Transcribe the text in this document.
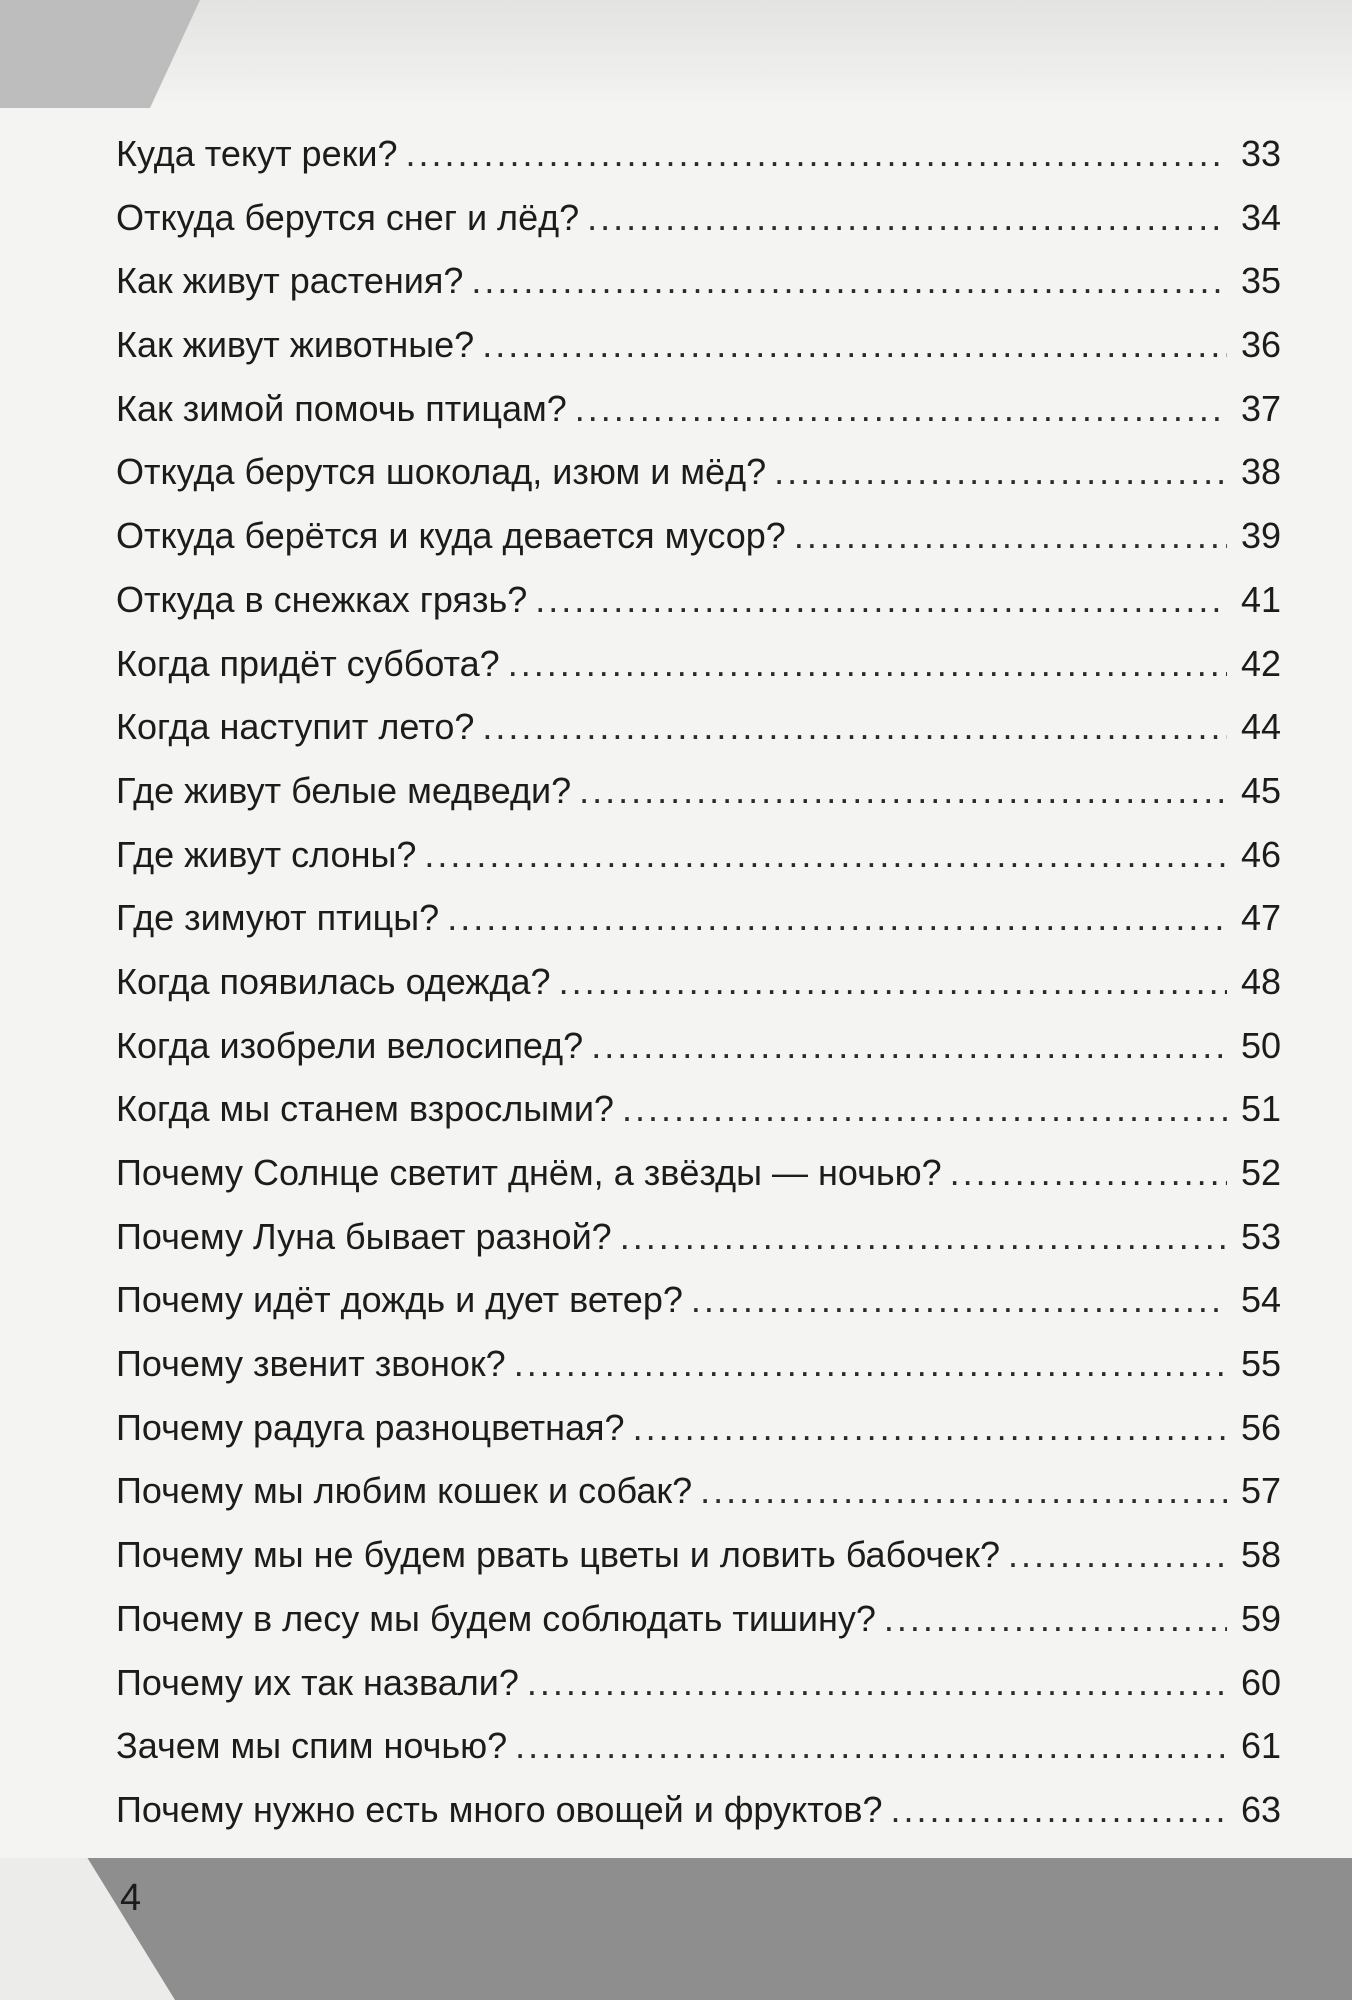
Куда текут реки? .....	33
Откуда берутся снег и лёд? .....	34
Как живут растения? .....	35
Как живут животные? .....	36
Как зимой помочь птицам? .....	37
Откуда берутся шоколад, изюм и мёд? .....	38
Откуда берётся и куда девается мусор? .....	39
Откуда в снежках грязь? .....	41
Когда придёт суббота? .....	42
Когда наступит лето? .....	44
Где живут белые медведи? .....	45
Где живут слоны? .....	46
Где зимуют птицы? .....	47
Когда появилась одежда? .....	48
Когда изобрели велосипед? .....	50
Когда мы станем взрослыми? .....	51
Почему Солнце светит днём, а звёзды — ночью? .....	52
Почему Луна бывает разной? .....	53
Почему идёт дождь и дует ветер? .....	54
Почему звенит звонок? .....	55
Почему радуга разноцветная? .....	56
Почему мы любим кошек и собак? .....	57
Почему мы не будем рвать цветы и ловить бабочек? .....	58
Почему в лесу мы будем соблюдать тишину? .....	59
Почему их так назвали? .....	60
Зачем мы спим ночью? .....	61
Почему нужно есть много овощей и фруктов? .....	63
4
